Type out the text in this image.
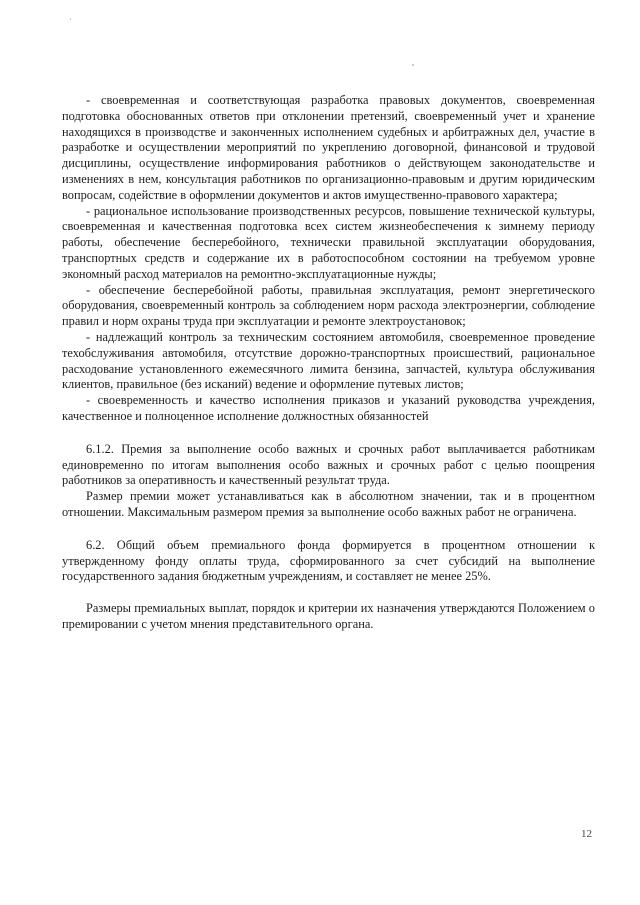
- своевременная и соответствующая разработка правовых документов, своевременная подготовка обоснованных ответов при отклонении претензий, своевременный учет и хранение находящихся в производстве и законченных исполнением судебных и арбитражных дел, участие в разработке и осуществлении мероприятий по укреплению договорной, финансовой и трудовой дисциплины, осуществление информирования работников о действующем законодательстве и изменениях в нем, консультация работников по организационно-правовым и другим юридическим вопросам, содействие в оформлении документов и актов имущественно-правового характера;

- рациональное использование производственных ресурсов, повышение технической культуры, своевременная и качественная подготовка всех систем жизнеобеспечения к зимнему периоду работы, обеспечение бесперебойного, технически правильной эксплуатации оборудования, транспортных средств и содержание их в работоспособном состоянии на требуемом уровне экономный расход материалов на ремонтно-эксплуатационные нужды;

- обеспечение бесперебойной работы, правильная эксплуатация, ремонт энергетического оборудования, своевременный контроль за соблюдением норм расхода электроэнергии, соблюдение правил и норм охраны труда при эксплуатации и ремонте электроустановок;

- надлежащий контроль за техническим состоянием автомобиля, своевременное проведение техобслуживания автомобиля, отсутствие дорожно-транспортных происшествий, рациональное расходование установленного ежемесячного лимита бензина, запчастей, культура обслуживания клиентов, правильное (без исканий) ведение и оформление путевых листов;

- своевременность и качество исполнения приказов и указаний руководства учреждения, качественное и полноценное исполнение должностных обязанностей

6.1.2. Премия за выполнение особо важных и срочных работ выплачивается работникам единовременно по итогам выполнения особо важных и срочных работ с целью поощрения работников за оперативность и качественный результат труда.

Размер премии может устанавливаться как в абсолютном значении, так и в процентном отношении. Максимальным размером премия за выполнение особо важных работ не ограничена.

6.2. Общий объем премиального фонда формируется в процентном отношении к утвержденному фонду оплаты труда, сформированного за счет субсидий на выполнение государственного задания бюджетным учреждениям, и составляет не менее 25%.

Размеры премиальных выплат, порядок и критерии их назначения утверждаются Положением о премировании с учетом мнения представительного органа.

12
